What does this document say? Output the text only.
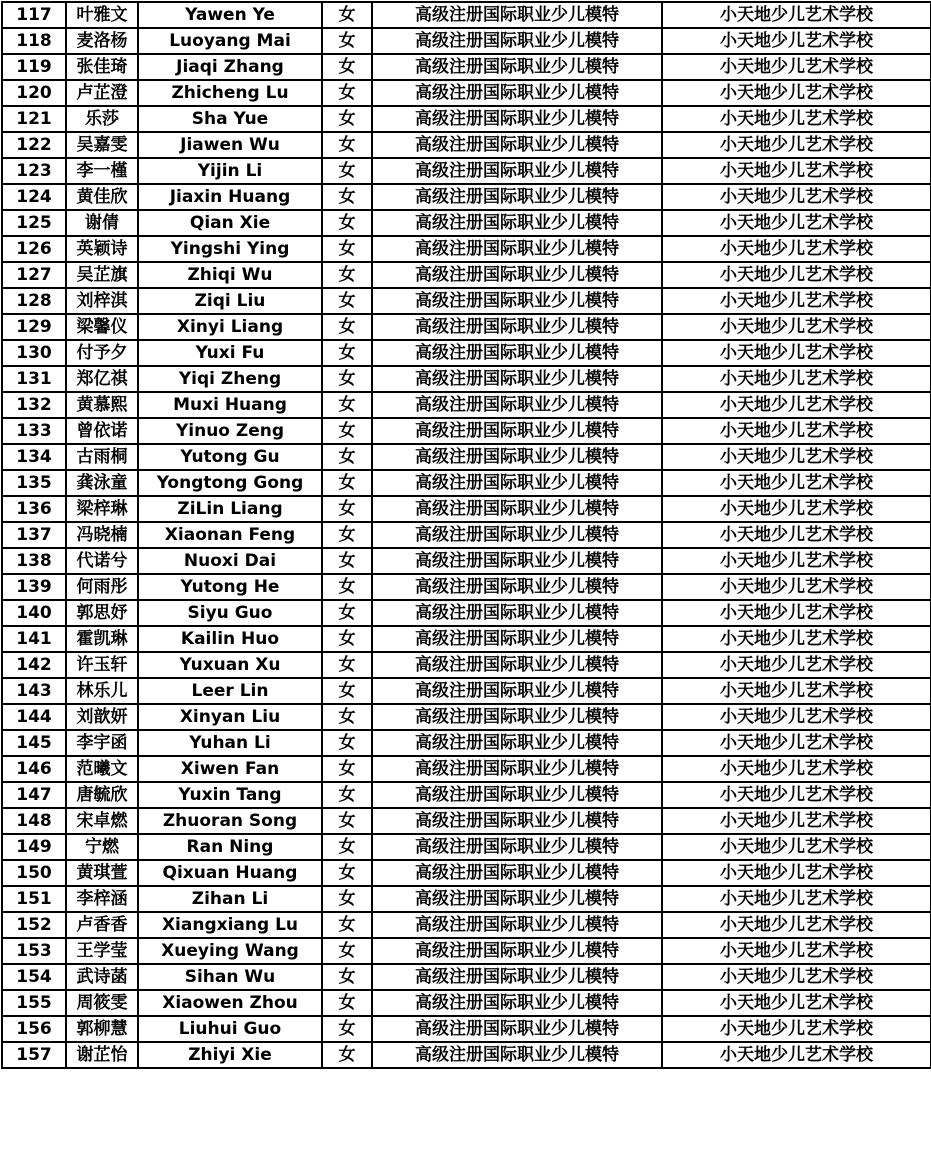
117	叶雅文	Yawen Ye	女	高级注册国际职业少儿模特	小天地少儿艺术学校
118	麦洛杨	Luoyang Mai	女	高级注册国际职业少儿模特	小天地少儿艺术学校
119	张佳琦	Jiaqi Zhang	女	高级注册国际职业少儿模特	小天地少儿艺术学校
120	卢芷澄	Zhicheng Lu	女	高级注册国际职业少儿模特	小天地少儿艺术学校
121	乐莎	Sha Yue	女	高级注册国际职业少儿模特	小天地少儿艺术学校
122	吴嘉雯	Jiawen Wu	女	高级注册国际职业少儿模特	小天地少儿艺术学校
123	李一槿	Yijin Li	女	高级注册国际职业少儿模特	小天地少儿艺术学校
124	黄佳欣	Jiaxin Huang	女	高级注册国际职业少儿模特	小天地少儿艺术学校
125	谢倩	Qian Xie	女	高级注册国际职业少儿模特	小天地少儿艺术学校
126	英颖诗	Yingshi Ying	女	高级注册国际职业少儿模特	小天地少儿艺术学校
127	吴芷旗	Zhiqi Wu	女	高级注册国际职业少儿模特	小天地少儿艺术学校
128	刘梓淇	Ziqi Liu	女	高级注册国际职业少儿模特	小天地少儿艺术学校
129	梁馨仪	Xinyi Liang	女	高级注册国际职业少儿模特	小天地少儿艺术学校
130	付予夕	Yuxi Fu	女	高级注册国际职业少儿模特	小天地少儿艺术学校
131	郑亿祺	Yiqi Zheng	女	高级注册国际职业少儿模特	小天地少儿艺术学校
132	黄慕熙	Muxi Huang	女	高级注册国际职业少儿模特	小天地少儿艺术学校
133	曾依诺	Yinuo Zeng	女	高级注册国际职业少儿模特	小天地少儿艺术学校
134	古雨桐	Yutong Gu	女	高级注册国际职业少儿模特	小天地少儿艺术学校
135	龚泳童	Yongtong Gong	女	高级注册国际职业少儿模特	小天地少儿艺术学校
136	梁梓琳	ZiLin Liang	女	高级注册国际职业少儿模特	小天地少儿艺术学校
137	冯晓楠	Xiaonan Feng	女	高级注册国际职业少儿模特	小天地少儿艺术学校
138	代诺兮	Nuoxi Dai	女	高级注册国际职业少儿模特	小天地少儿艺术学校
139	何雨彤	Yutong He	女	高级注册国际职业少儿模特	小天地少儿艺术学校
140	郭思妤	Siyu Guo	女	高级注册国际职业少儿模特	小天地少儿艺术学校
141	霍凯琳	Kailin Huo	女	高级注册国际职业少儿模特	小天地少儿艺术学校
142	许玉轩	Yuxuan Xu	女	高级注册国际职业少儿模特	小天地少儿艺术学校
143	林乐儿	Leer Lin	女	高级注册国际职业少儿模特	小天地少儿艺术学校
144	刘歆妍	Xinyan Liu	女	高级注册国际职业少儿模特	小天地少儿艺术学校
145	李宇函	Yuhan Li	女	高级注册国际职业少儿模特	小天地少儿艺术学校
146	范曦文	Xiwen Fan	女	高级注册国际职业少儿模特	小天地少儿艺术学校
147	唐毓欣	Yuxin Tang	女	高级注册国际职业少儿模特	小天地少儿艺术学校
148	宋卓燃	Zhuoran Song	女	高级注册国际职业少儿模特	小天地少儿艺术学校
149	宁燃	Ran Ning	女	高级注册国际职业少儿模特	小天地少儿艺术学校
150	黄琪萱	Qixuan Huang	女	高级注册国际职业少儿模特	小天地少儿艺术学校
151	李梓涵	Zihan Li	女	高级注册国际职业少儿模特	小天地少儿艺术学校
152	卢香香	Xiangxiang Lu	女	高级注册国际职业少儿模特	小天地少儿艺术学校
153	王学莹	Xueying Wang	女	高级注册国际职业少儿模特	小天地少儿艺术学校
154	武诗菡	Sihan Wu	女	高级注册国际职业少儿模特	小天地少儿艺术学校
155	周筱雯	Xiaowen Zhou	女	高级注册国际职业少儿模特	小天地少儿艺术学校
156	郭柳慧	Liuhui Guo	女	高级注册国际职业少儿模特	小天地少儿艺术学校
157	谢芷怡	Zhiyi Xie	女	高级注册国际职业少儿模特	小天地少儿艺术学校
